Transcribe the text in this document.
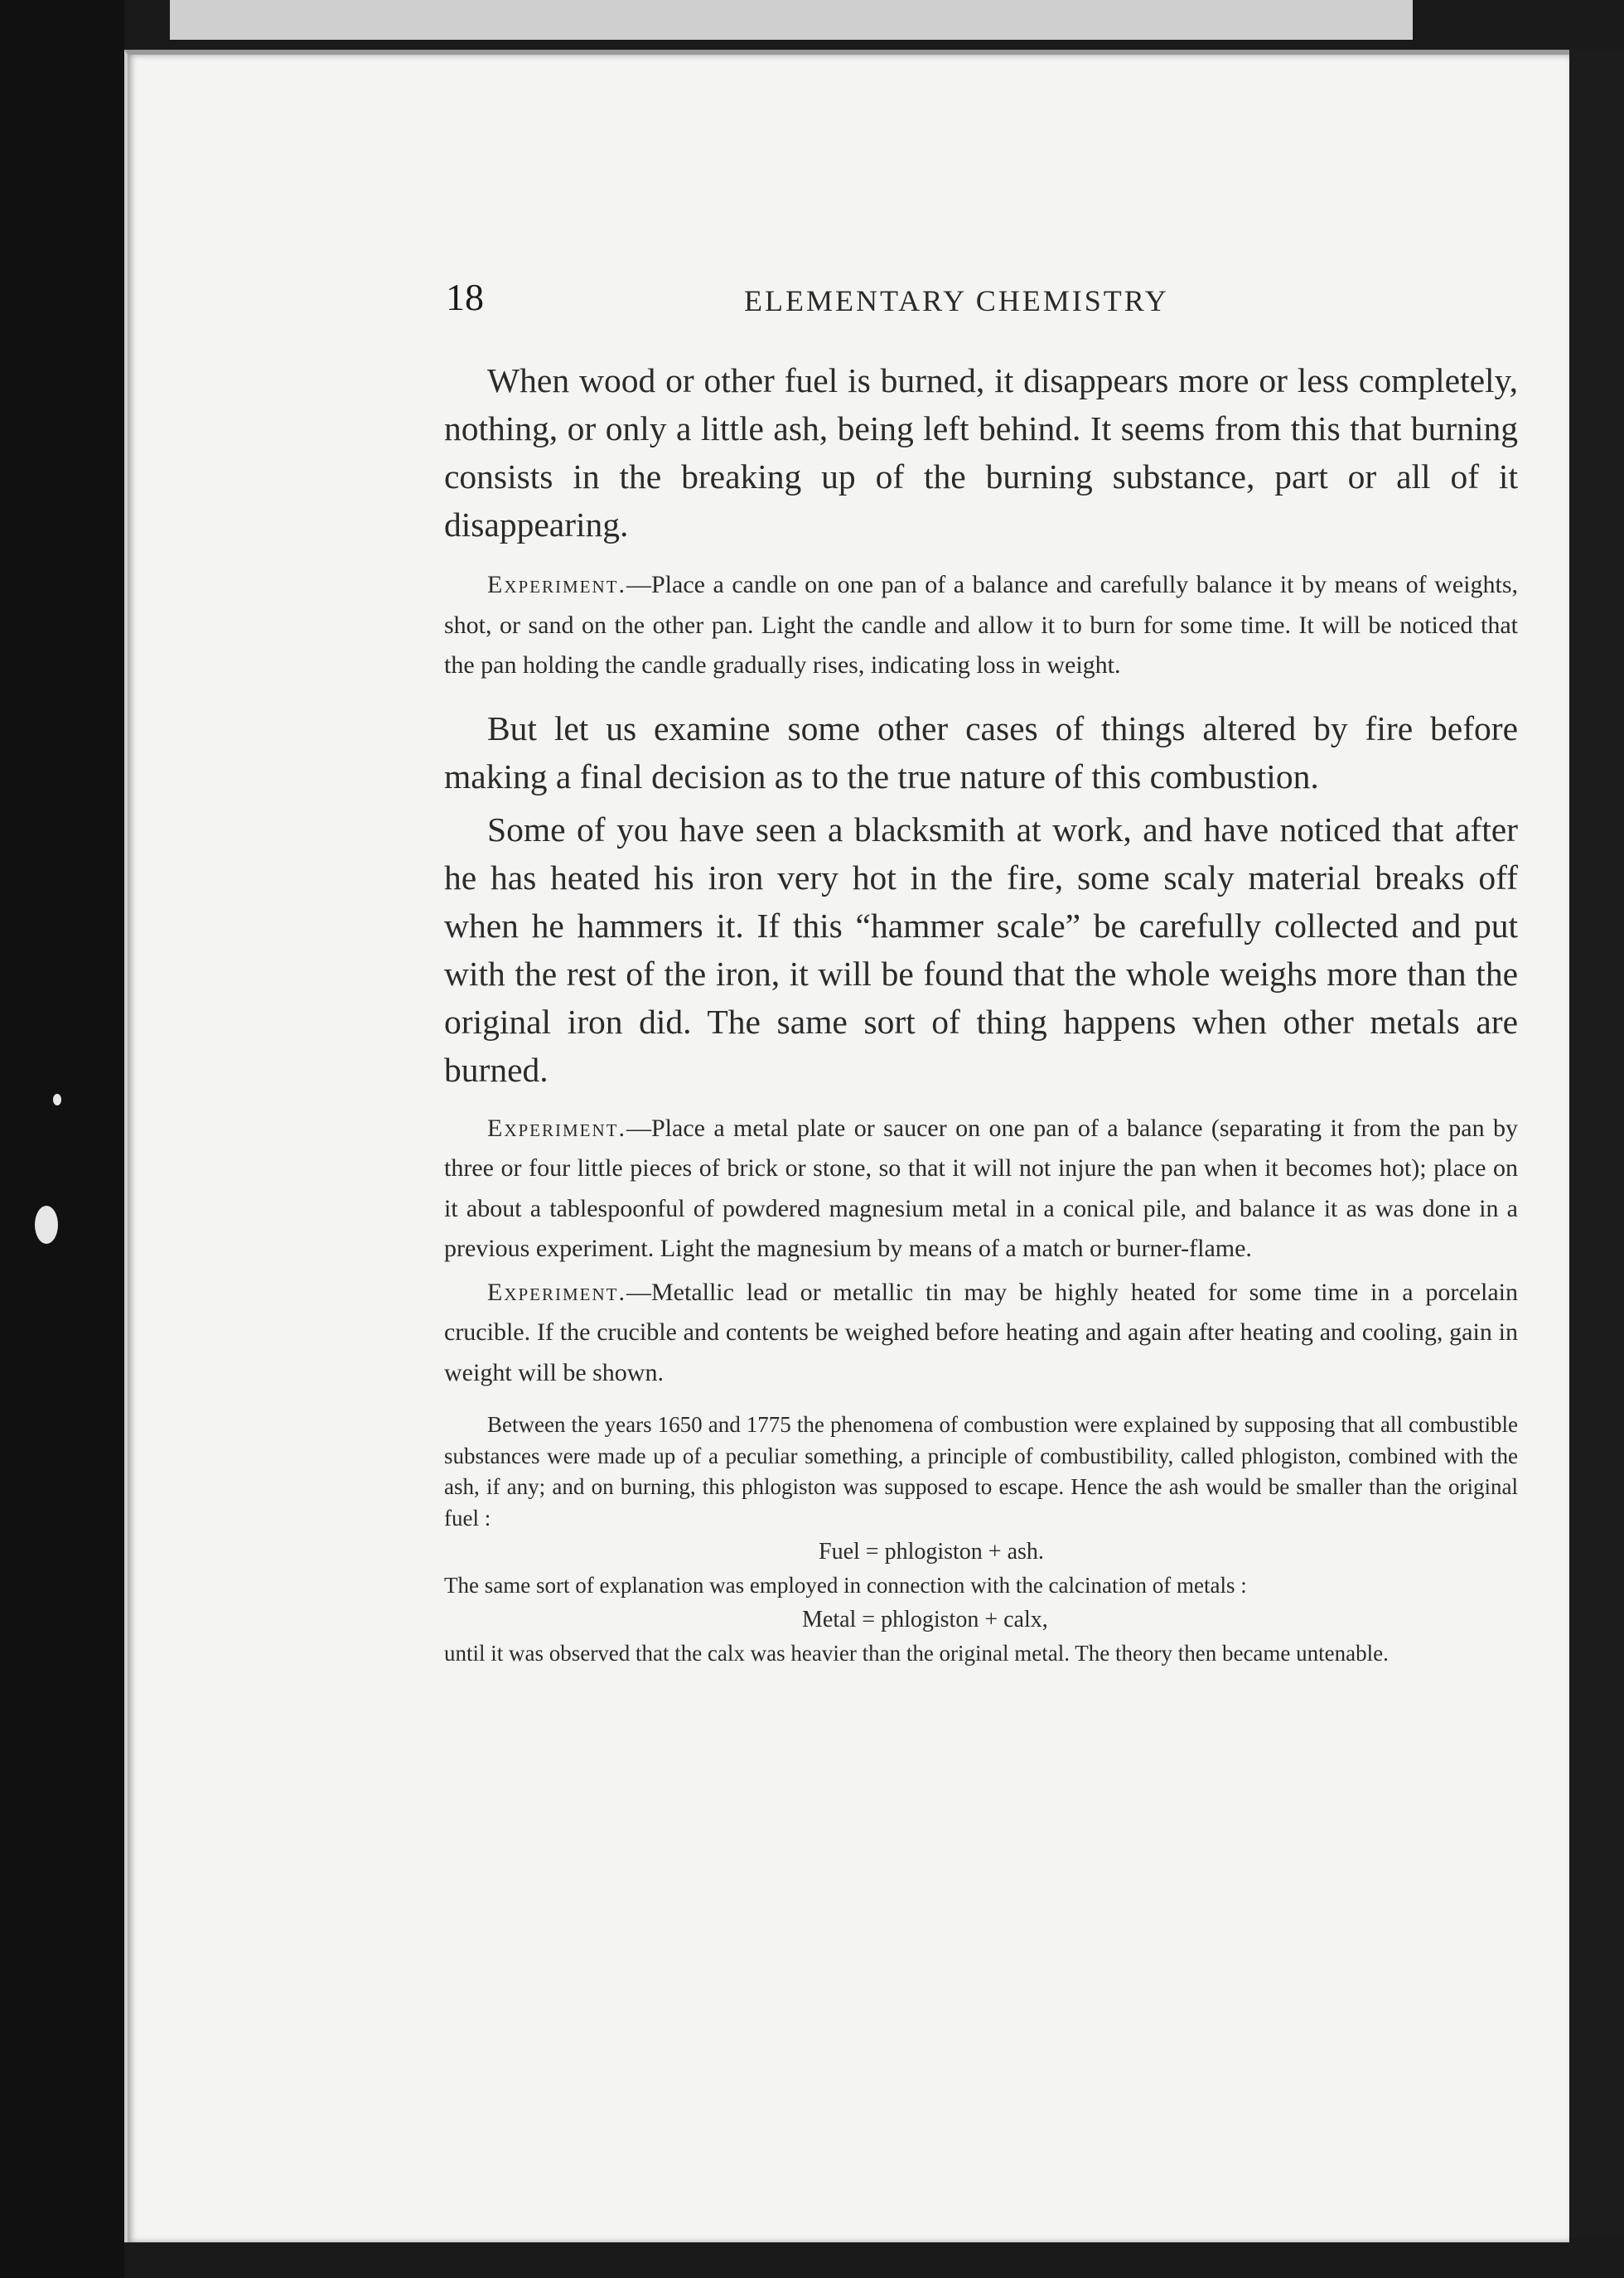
18	ELEMENTARY CHEMISTRY

When wood or other fuel is burned, it disappears more or less completely, nothing, or only a little ash, being left behind. It seems from this that burning consists in the breaking up of the burning substance, part or all of it disappearing.

Experiment.—Place a candle on one pan of a balance and carefully balance it by means of weights, shot, or sand on the other pan. Light the candle and allow it to burn for some time. It will be noticed that the pan holding the candle gradually rises, indicating loss in weight.

But let us examine some other cases of things altered by fire before making a final decision as to the true nature of this combustion.

Some of you have seen a blacksmith at work, and have noticed that after he has heated his iron very hot in the fire, some scaly material breaks off when he hammers it. If this “hammer scale” be carefully collected and put with the rest of the iron, it will be found that the whole weighs more than the original iron did. The same sort of thing happens when other metals are burned.

Experiment.—Place a metal plate or saucer on one pan of a balance (separating it from the pan by three or four little pieces of brick or stone, so that it will not injure the pan when it becomes hot); place on it about a tablespoonful of powdered magnesium metal in a conical pile, and balance it as was done in a previous experiment. Light the magnesium by means of a match or burner-flame.

Experiment.—Metallic lead or metallic tin may be highly heated for some time in a porcelain crucible. If the crucible and contents be weighed before heating and again after heating and cooling, gain in weight will be shown.

Between the years 1650 and 1775 the phenomena of combustion were explained by supposing that all combustible substances were made up of a peculiar something, a principle of combustibility, called phlogiston, combined with the ash, if any; and on burning, this phlogiston was supposed to escape. Hence the ash would be smaller than the original fuel :

Fuel = phlogiston + ash.

The same sort of explanation was employed in connection with the calcination of metals :

Metal = phlogiston + calx,

until it was observed that the calx was heavier than the original metal. The theory then became untenable.
